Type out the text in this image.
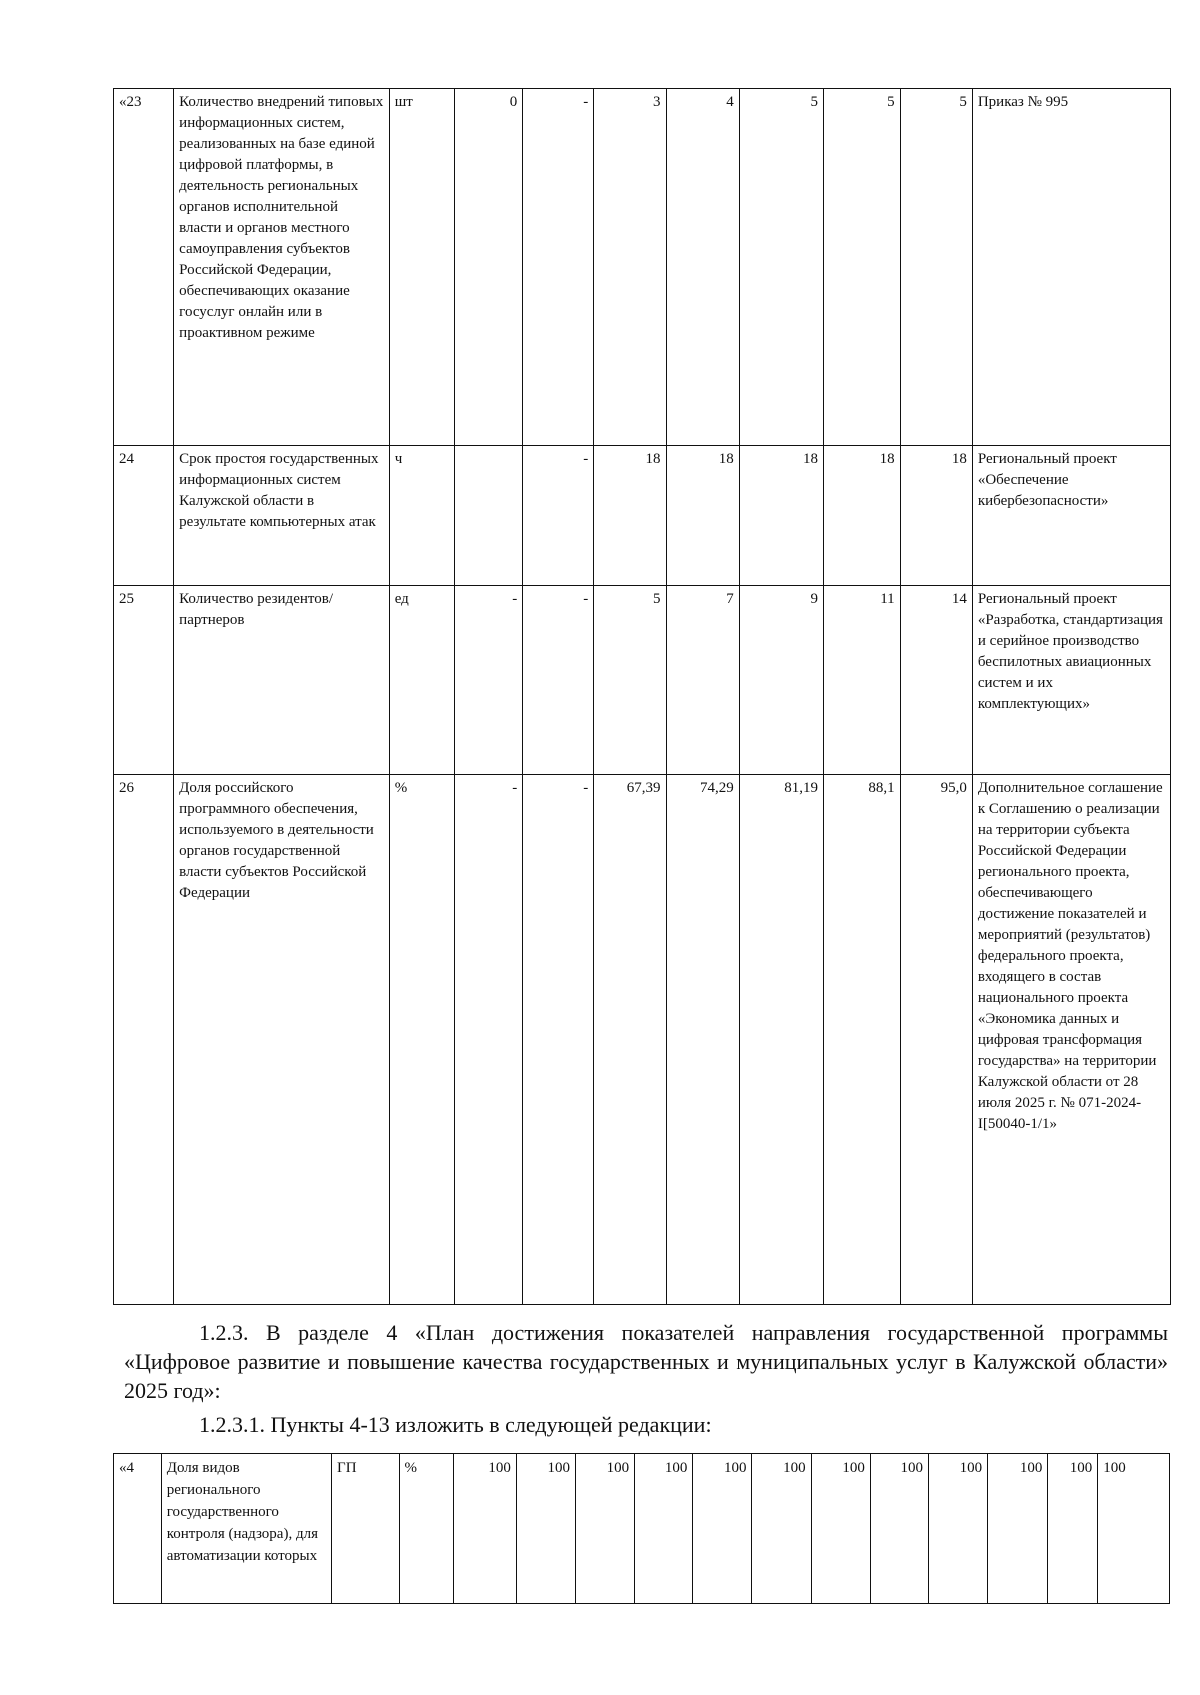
«23	Количество внедрений типовых информационных систем, реализованных на базе единой цифровой платформы, в деятельность региональных органов исполнительной власти и органов местного самоуправления субъектов Российской Федерации, обеспечивающих оказание госуслуг онлайн или в проактивном режиме	шт	0	-	3	4	5	5	5	Приказ № 995
24	Срок простоя государственных информационных систем Калужской области в результате компьютерных атак	ч		-	18	18	18	18	18	Региональный проект «Обеспечение кибербезопасности»
25	Количество резидентов/партнеров	ед	-	-	5	7	9	11	14	Региональный проект «Разработка, стандартизация и серийное производство беспилотных авиационных систем и их комплектующих»
26	Доля российского программного обеспечения, используемого в деятельности органов государственной власти субъектов Российской Федерации	%	-	-	67,39	74,29	81,19	88,1	95,0	Дополнительное соглашение к Соглашению о реализации на территории субъекта Российской Федерации регионального проекта, обеспечивающего достижение показателей и мероприятий (результатов) федерального проекта, входящего в состав национального проекта «Экономика данных и цифровая трансформация государства» на территории Калужской области от 28 июля 2025 г. № 071-2024-I[50040-1/1»
1.2.3. В разделе 4 «План достижения показателей направления государственной программы «Цифровое развитие и повышение качества государственных и муниципальных услуг в Калужской области» 2025 год»:
1.2.3.1. Пункты 4-13 изложить в следующей редакции:
«4	Доля видов регионального государственного контроля (надзора), для автоматизации которых	ГП	%	100	100	100	100	100	100	100	100	100	100	100	100
